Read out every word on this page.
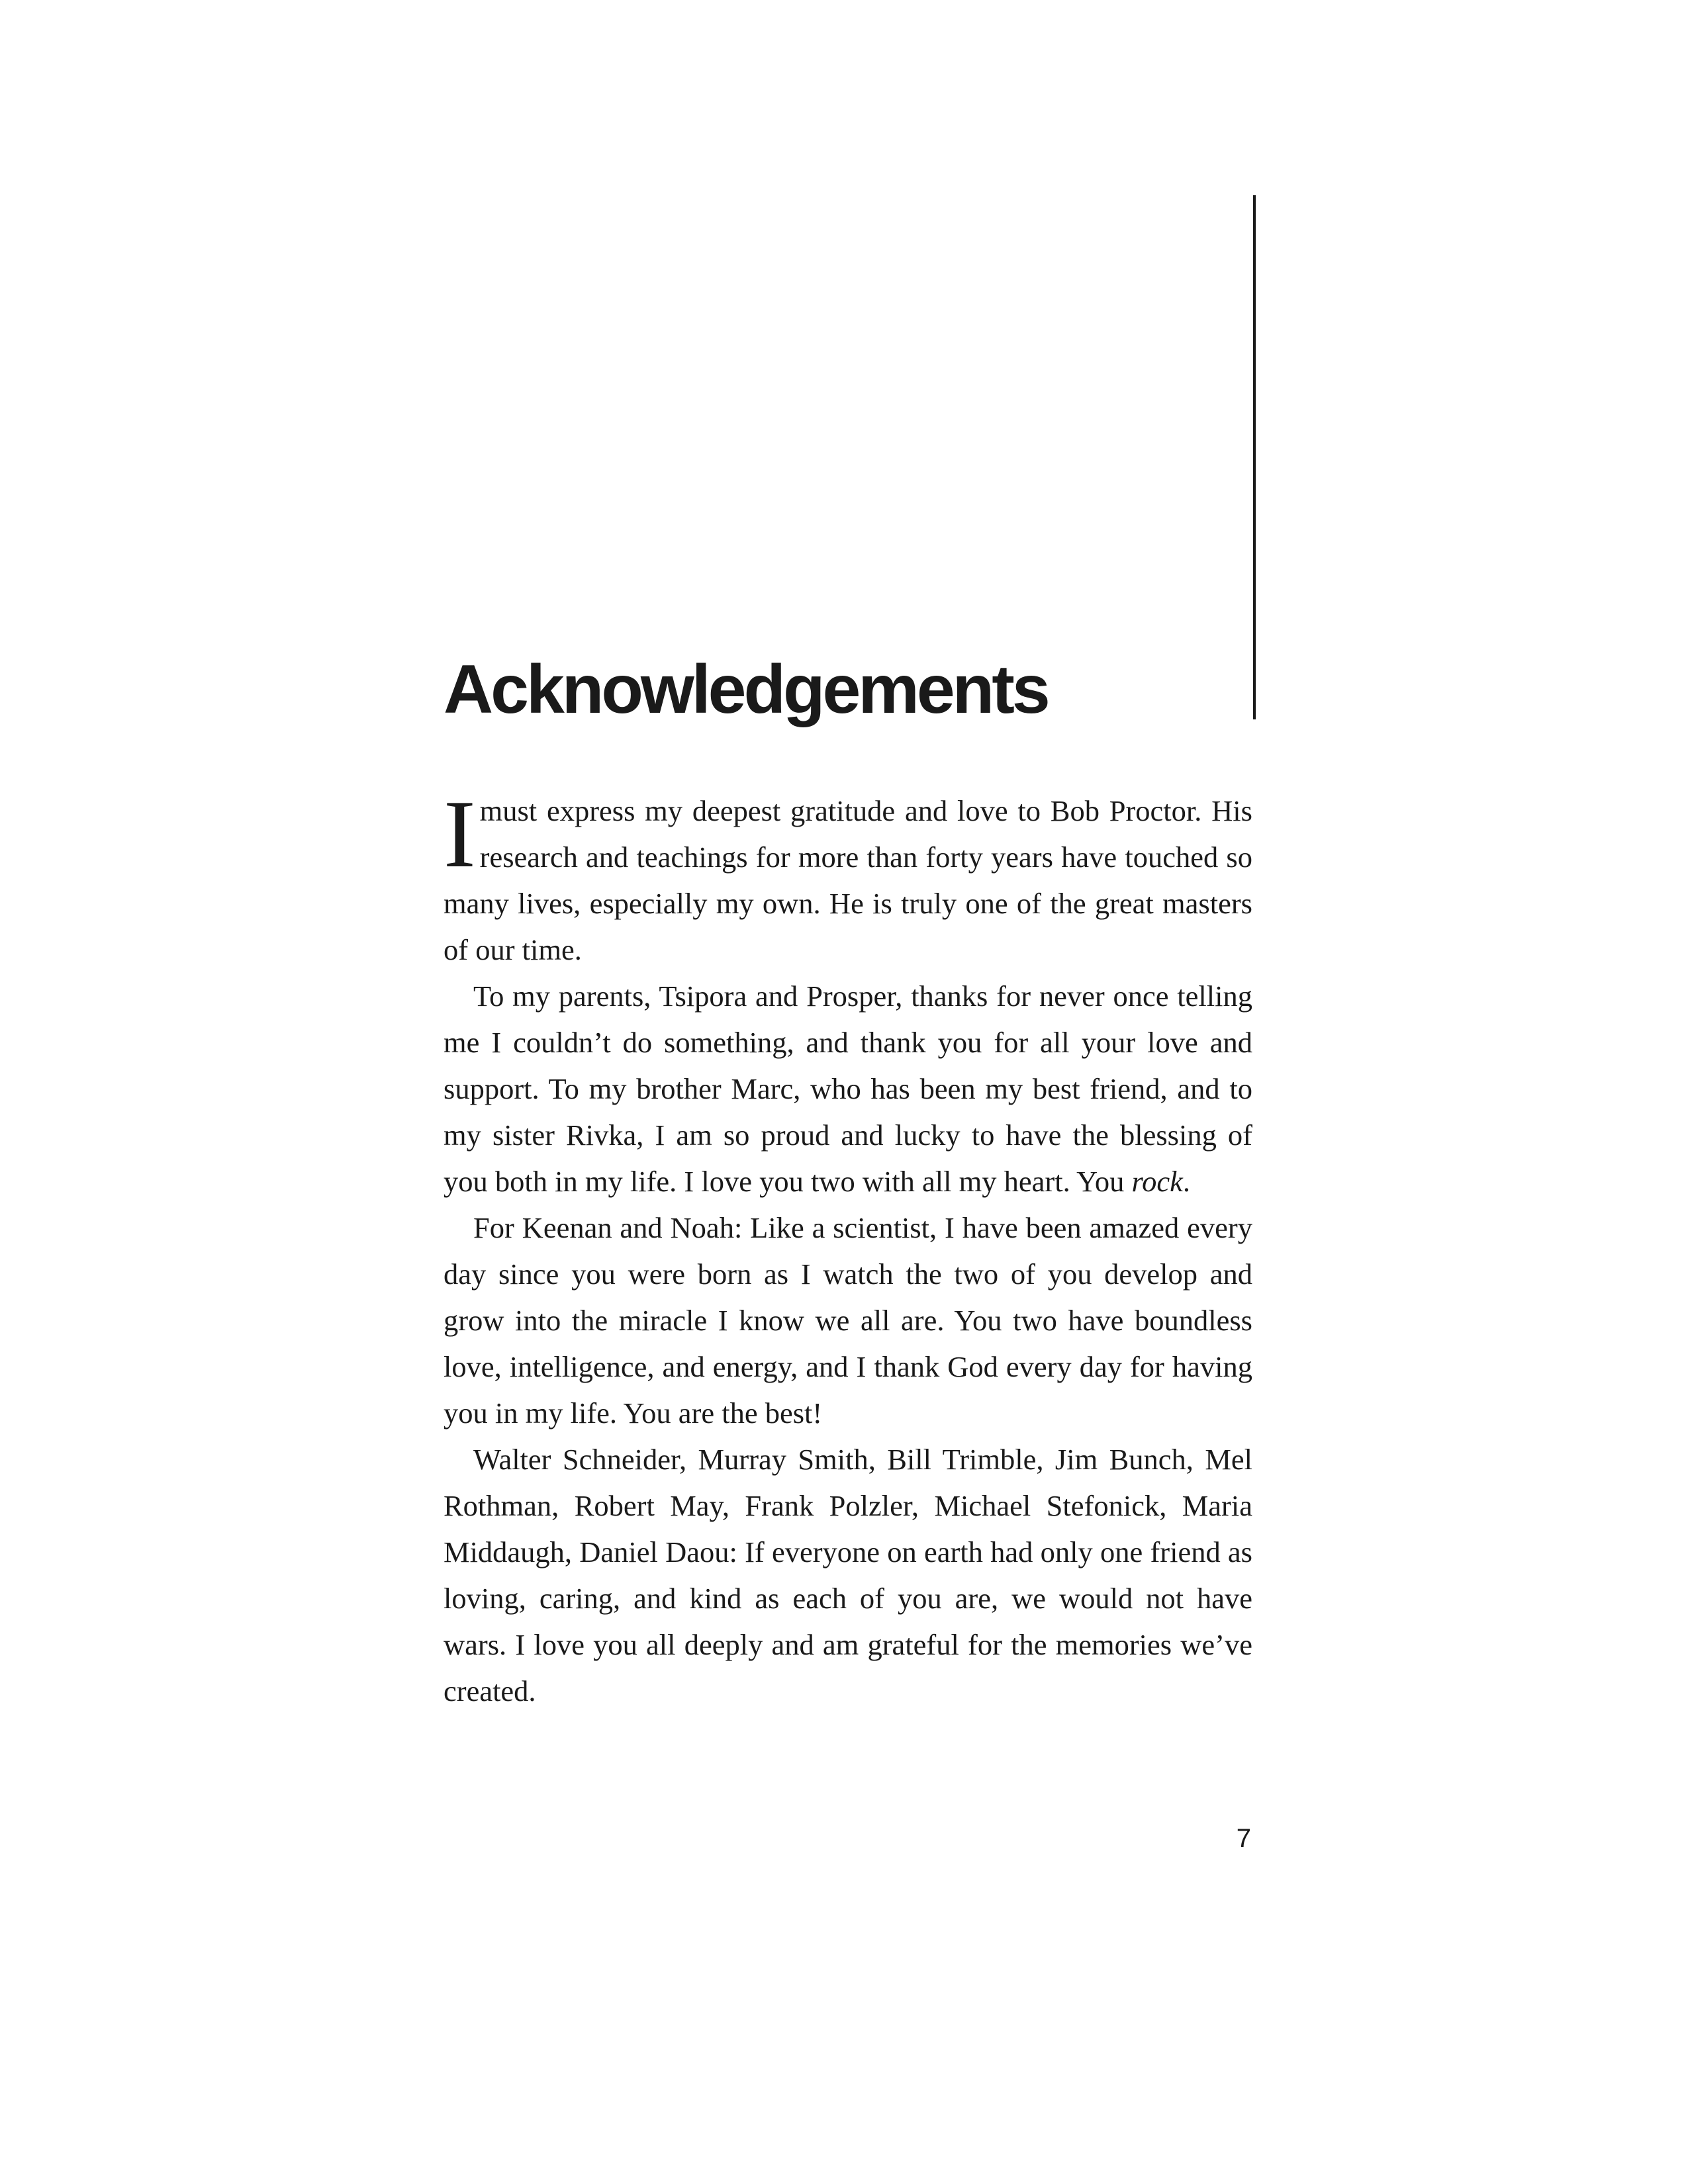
Acknowledgements

Imust express my deepest gratitude and love to Bob Proctor. His research and teachings for more than forty years have touched so many lives, especially my own. He is truly one of the great masters of our time.

To my parents, Tsipora and Prosper, thanks for never once telling me I couldn’t do something, and thank you for all your love and support. To my brother Marc, who has been my best friend, and to my sister Rivka, I am so proud and lucky to have the blessing of you both in my life. I love you two with all my heart. You rock.

For Keenan and Noah: Like a scientist, I have been amazed every day since you were born as I watch the two of you develop and grow into the miracle I know we all are. You two have boundless love, intelligence, and energy, and I thank God every day for having you in my life. You are the best!

Walter Schneider, Murray Smith, Bill Trimble, Jim Bunch, Mel Rothman, Robert May, Frank Polzler, Michael Stefonick, Maria Middaugh, Daniel Daou: If everyone on earth had only one friend as loving, caring, and kind as each of you are, we would not have wars. I love you all deeply and am grateful for the memories we’ve created.

7
